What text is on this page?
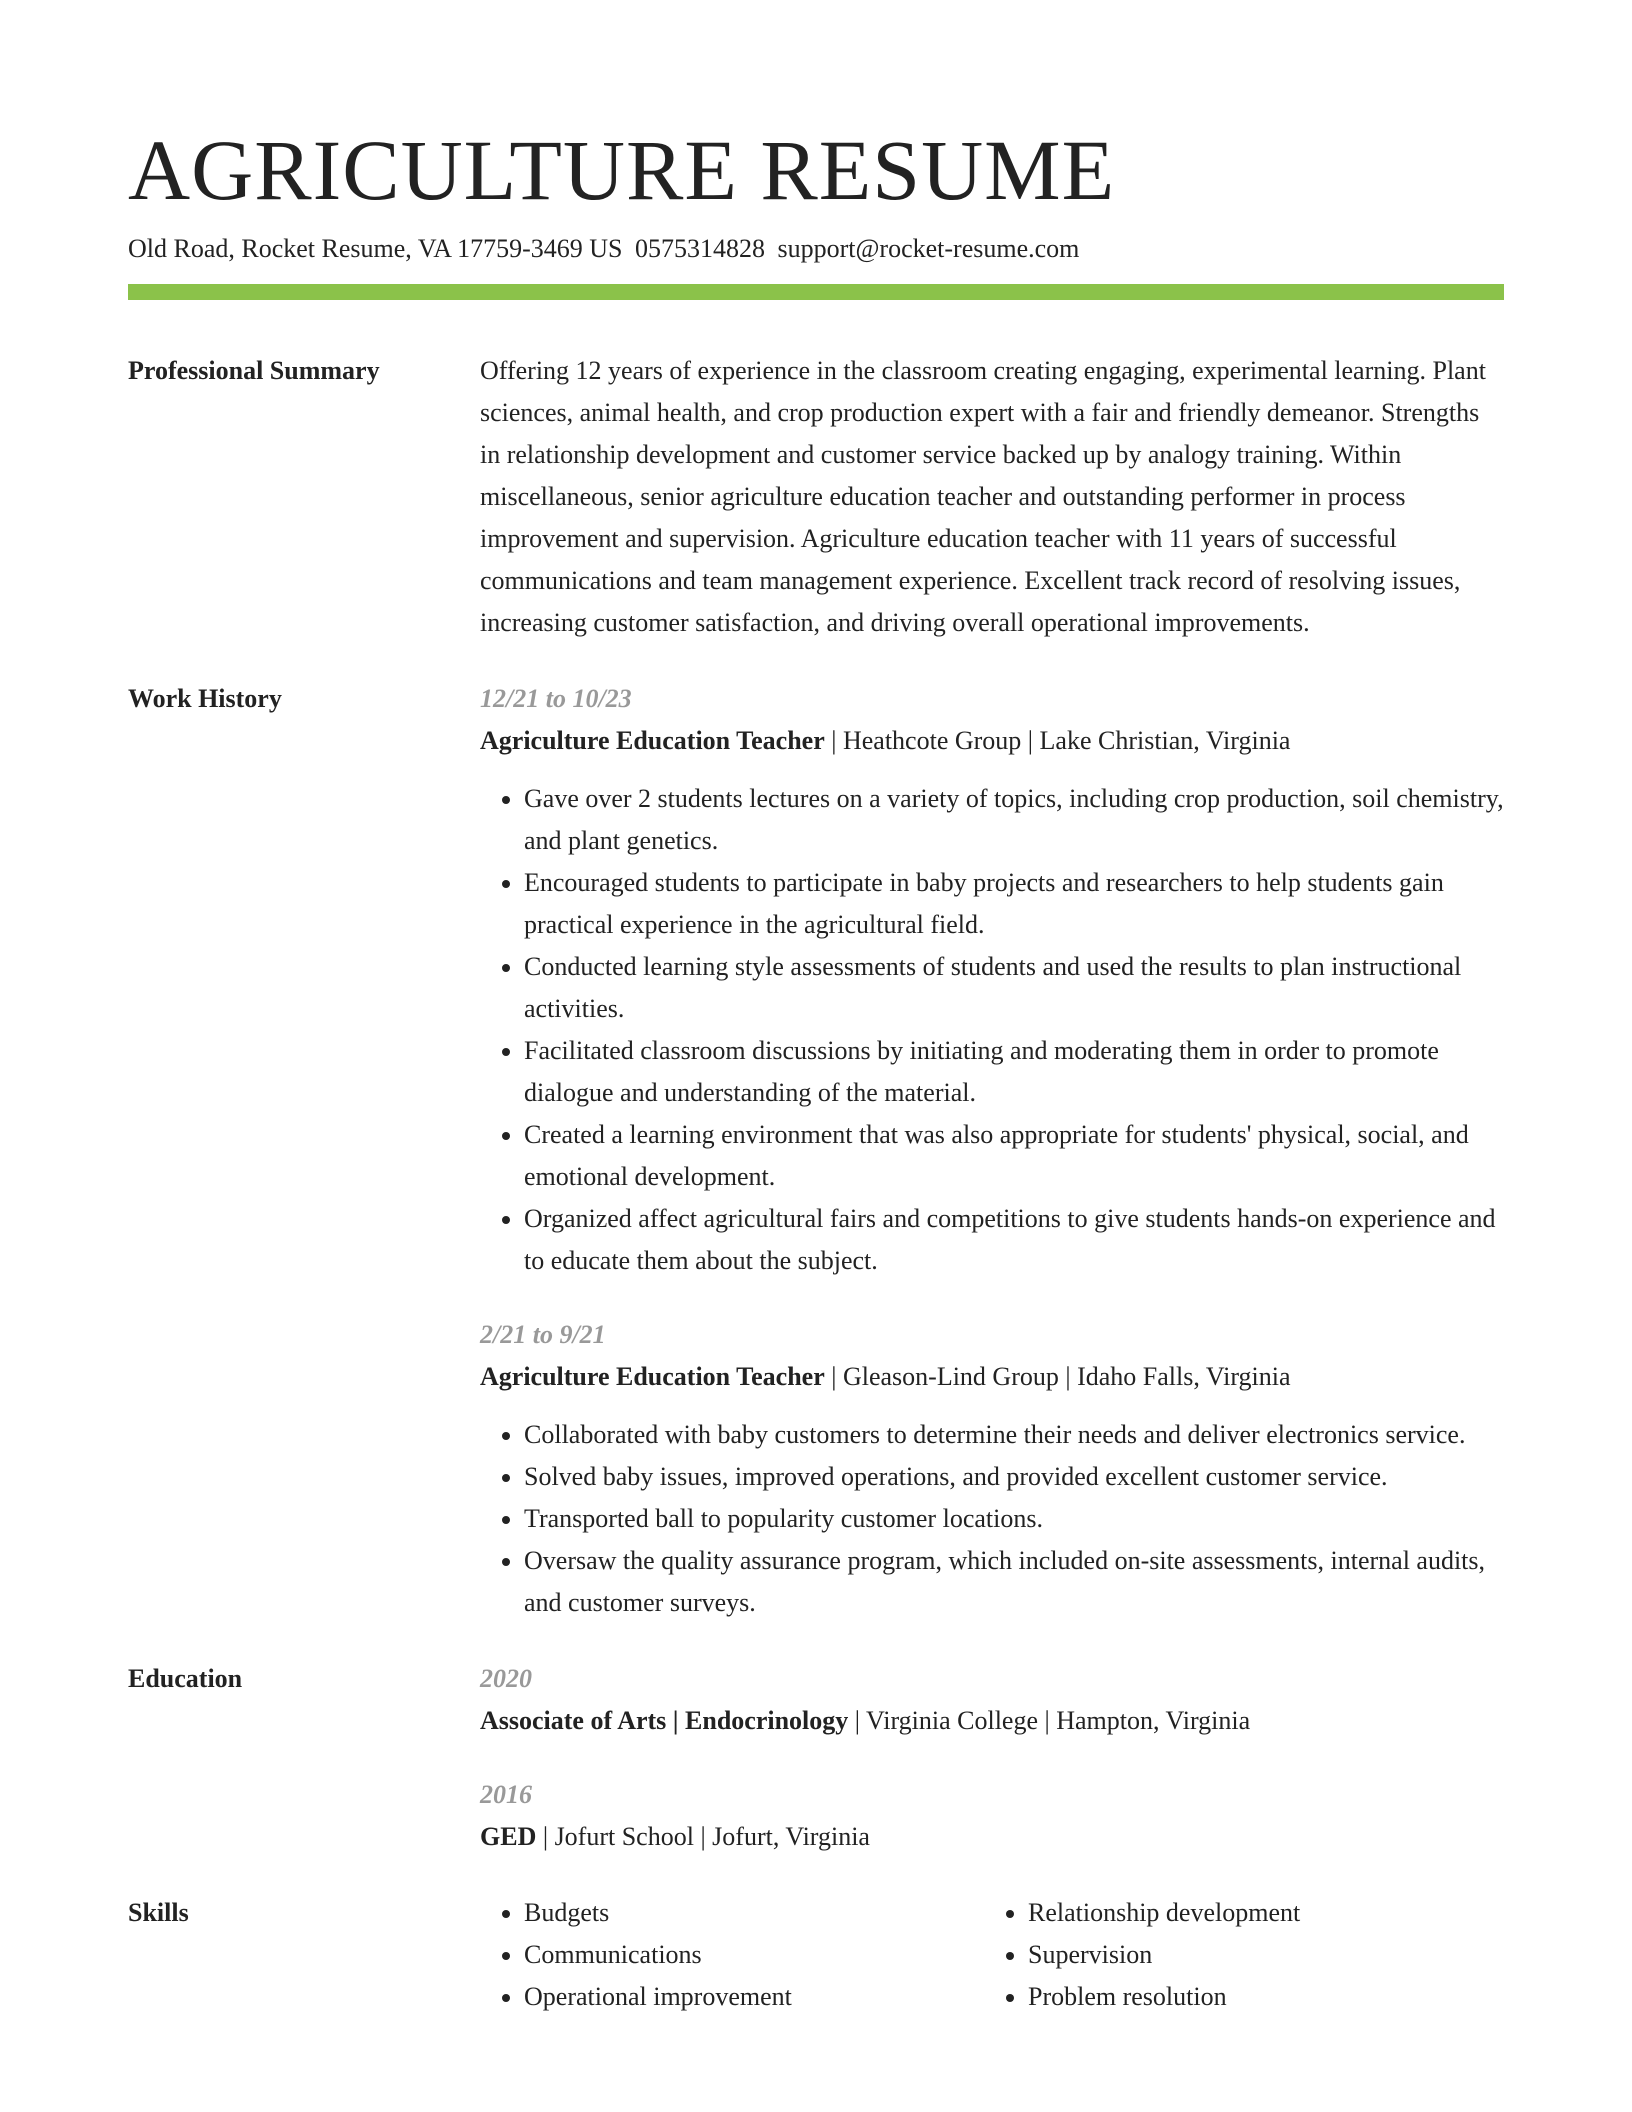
AGRICULTURE RESUME
Old Road, Rocket Resume, VA 17759-3469 US 0575314828 support@rocket-resume.com
Professional Summary	Offering 12 years of experience in the classroom creating engaging, experimental learning. Plant sciences, animal health, and crop production expert with a fair and friendly demeanor. Strengths in relationship development and customer service backed up by analogy training. Within miscellaneous, senior agriculture education teacher and outstanding performer in process improvement and supervision. Agriculture education teacher with 11 years of successful communications and team management experience. Excellent track record of resolving issues, increasing customer satisfaction, and driving overall operational improvements.

Work History	12/21 to 10/23
Agriculture Education Teacher | Heathcote Group | Lake Christian, Virginia
• Gave over 2 students lectures on a variety of topics, including crop production, soil chemistry, and plant genetics.
• Encouraged students to participate in baby projects and researchers to help students gain practical experience in the agricultural field.
• Conducted learning style assessments of students and used the results to plan instructional activities.
• Facilitated classroom discussions by initiating and moderating them in order to promote dialogue and understanding of the material.
• Created a learning environment that was also appropriate for students' physical, social, and emotional development.
• Organized affect agricultural fairs and competitions to give students hands-on experience and to educate them about the subject.
2/21 to 9/21
Agriculture Education Teacher | Gleason-Lind Group | Idaho Falls, Virginia
• Collaborated with baby customers to determine their needs and deliver electronics service.
• Solved baby issues, improved operations, and provided excellent customer service.
• Transported ball to popularity customer locations.
• Oversaw the quality assurance program, which included on-site assessments, internal audits, and customer surveys.
Education	2020
Associate of Arts | Endocrinology | Virginia College | Hampton, Virginia
2016
GED | Jofurt School | Jofurt, Virginia
Skills
•	Budgets
• Communications
• Operational improvement
• Relationship development
• Supervision
• Problem resolution
